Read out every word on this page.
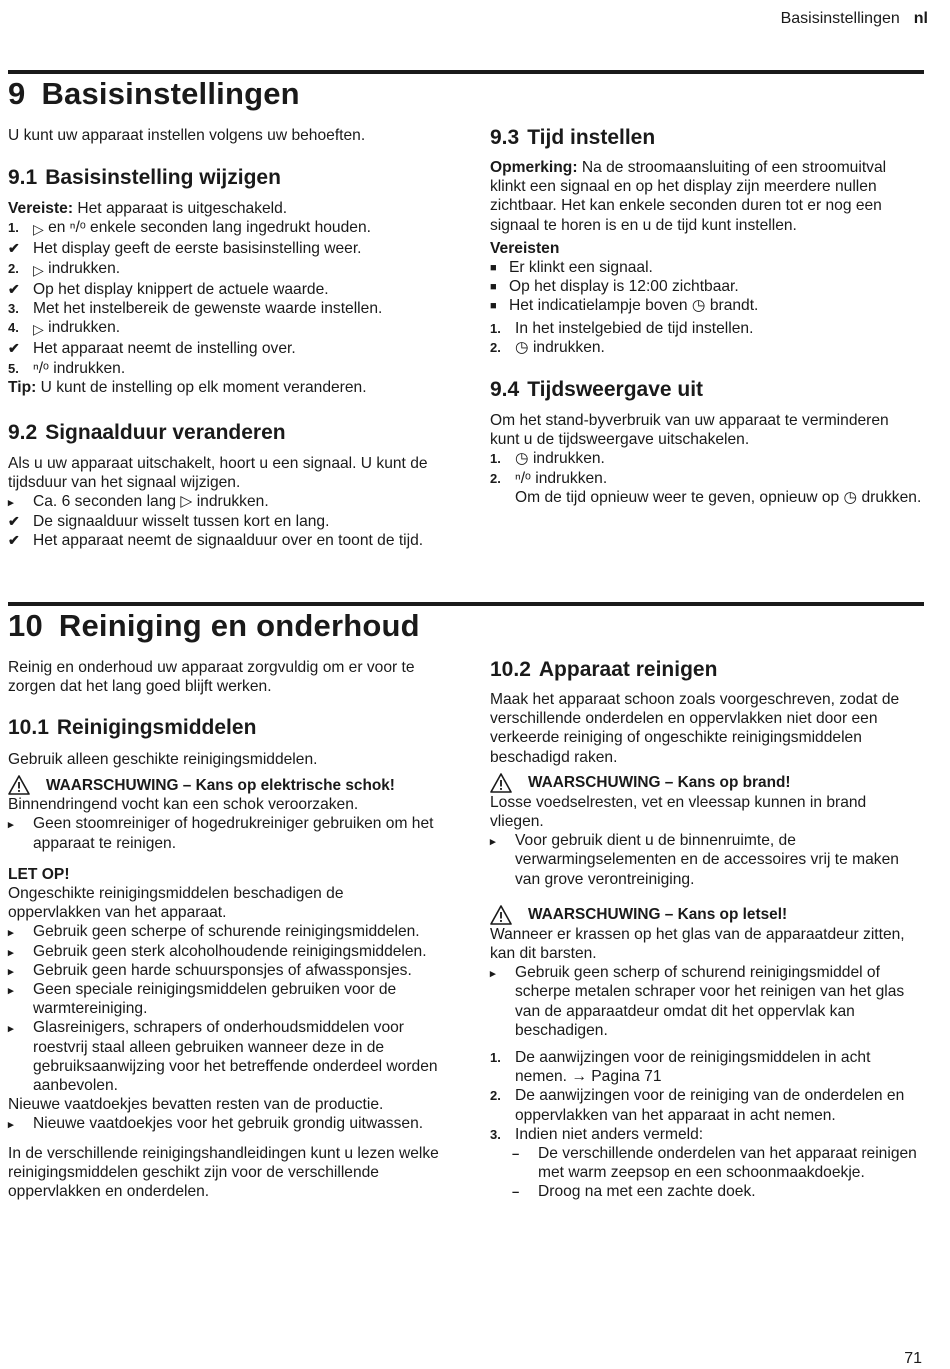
Basisinstellingen nl
9 Basisinstellingen
U kunt uw apparaat instellen volgens uw behoeften.
9.1 Basisinstelling wijzigen
Vereiste: Het apparaat is uitgeschakeld.
1. ▷ en ⁿ/ᵒ enkele seconden lang ingedrukt houden.
✔ Het display geeft de eerste basisinstelling weer.
2. ▷ indrukken.
✔ Op het display knippert de actuele waarde.
3. Met het instelbereik de gewenste waarde instellen.
4. ▷ indrukken.
✔ Het apparaat neemt de instelling over.
5. ⁿ/ᵒ indrukken.
Tip: U kunt de instelling op elk moment veranderen.
9.2 Signaalduur veranderen
Als u uw apparaat uitschakelt, hoort u een signaal. U kunt de tijdsduur van het signaal wijzigen.
▸ Ca. 6 seconden lang ▷ indrukken.
✔ De signaalduur wisselt tussen kort en lang.
✔ Het apparaat neemt de signaalduur over en toont de tijd.
9.3 Tijd instellen
Opmerking: Na de stroomaansluiting of een stroomuitval klinkt een signaal en op het display zijn meerdere nullen zichtbaar. Het kan enkele seconden duren tot er nog een signaal te horen is en u de tijd kunt instellen.
Vereisten
■ Er klinkt een signaal.
■ Op het display is 12:00 zichtbaar.
■ Het indicatielampje boven ◷ brandt.
1. In het instelgebied de tijd instellen.
2. ◷ indrukken.
9.4 Tijdsweergave uit
Om het stand-byverbruik van uw apparaat te verminderen kunt u de tijdsweergave uitschakelen.
1. ◷ indrukken.
2. ⁿ/ᵒ indrukken.
Om de tijd opnieuw weer te geven, opnieuw op ◷ drukken.
10 Reiniging en onderhoud
Reinig en onderhoud uw apparaat zorgvuldig om er voor te zorgen dat het lang goed blijft werken.
10.1 Reinigingsmiddelen
Gebruik alleen geschikte reinigingsmiddelen.
WAARSCHUWING – Kans op elektrische schok!
Binnendringend vocht kan een schok veroorzaken.
▸ Geen stoomreiniger of hogedrukreiniger gebruiken om het apparaat te reinigen.
LET OP!
Ongeschikte reinigingsmiddelen beschadigen de oppervlakken van het apparaat.
▸ Gebruik geen scherpe of schurende reinigingsmiddelen.
▸ Gebruik geen sterk alcoholhoudende reinigingsmiddelen.
▸ Gebruik geen harde schuursponsjes of afwassponsjes.
▸ Geen speciale reinigingsmiddelen gebruiken voor de warmtereiniging.
▸ Glasreinigers, schrapers of onderhoudsmiddelen voor roestvrij staal alleen gebruiken wanneer deze in de gebruiksaanwijzing voor het betreffende onderdeel worden aanbevolen.
Nieuwe vaatdoekjes bevatten resten van de productie.
▸ Nieuwe vaatdoekjes voor het gebruik grondig uitwassen.
In de verschillende reinigingshandleidingen kunt u lezen welke reinigingsmiddelen geschikt zijn voor de verschillende oppervlakken en onderdelen.
10.2 Apparaat reinigen
Maak het apparaat schoon zoals voorgeschreven, zodat de verschillende onderdelen en oppervlakken niet door een verkeerde reiniging of ongeschikte reinigingsmiddelen beschadigd raken.
WAARSCHUWING – Kans op brand!
Losse voedselresten, vet en vleessap kunnen in brand vliegen.
▸ Voor gebruik dient u de binnenruimte, de verwarmingselementen en de accessoires vrij te maken van grove verontreiniging.
WAARSCHUWING – Kans op letsel!
Wanneer er krassen op het glas van de apparaatdeur zitten, kan dit barsten.
▸ Gebruik geen scherp of schurend reinigingsmiddel of scherpe metalen schraper voor het reinigen van het glas van de apparaatdeur omdat dit het oppervlak kan beschadigen.
1. De aanwijzingen voor de reinigingsmiddelen in acht nemen. → Pagina 71
2. De aanwijzingen voor de reiniging van de onderdelen en oppervlakken van het apparaat in acht nemen.
3. Indien niet anders vermeld:
– De verschillende onderdelen van het apparaat reinigen met warm zeepsop en een schoonmaakdoekje.
– Droog na met een zachte doek.
71
